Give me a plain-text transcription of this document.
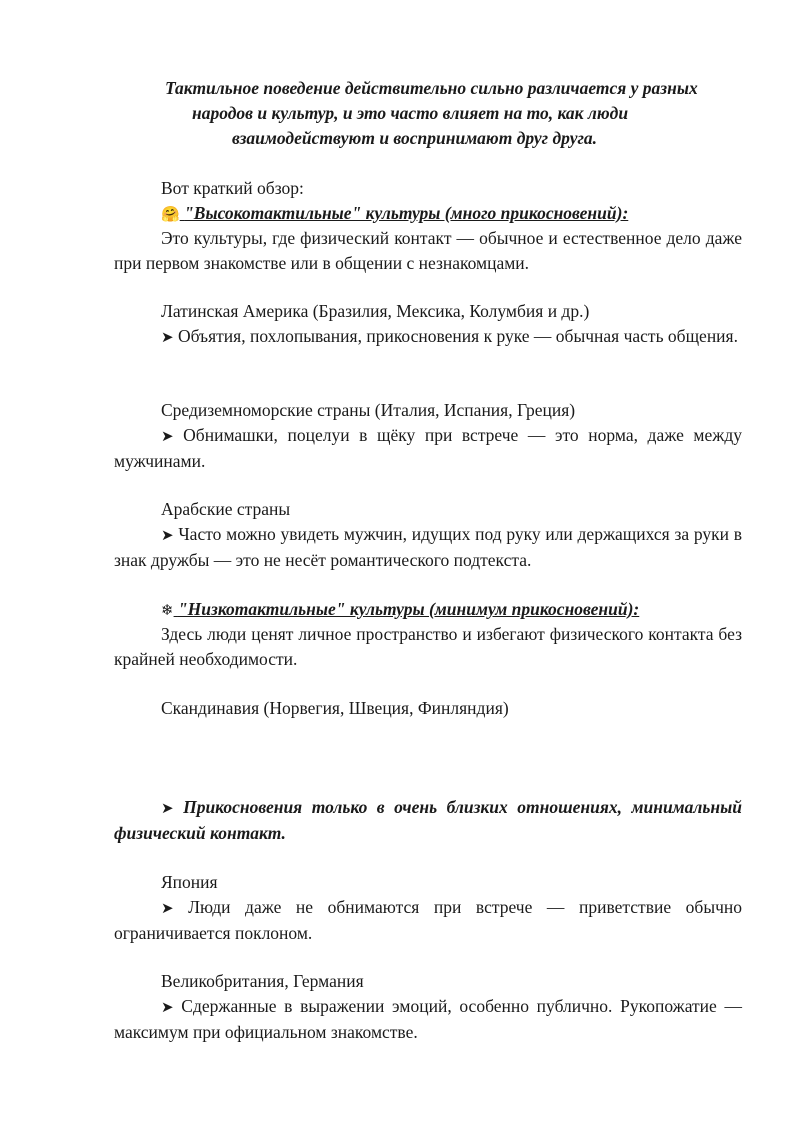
Тактильное поведение действительно сильно различается у разных
народов и культур, и это часто влияет на то, как люди
взаимодействуют и воспринимают друг друга.
Вот краткий обзор:
🤗 "Высокотактильные" культуры (много прикосновений):
Это культуры, где физический контакт — обычное и естественное дело даже при первом знакомстве или в общении с незнакомцами.
Латинская Америка (Бразилия, Мексика, Колумбия и др.)
➤ Объятия, похлопывания, прикосновения к руке — обычная часть общения.
Средиземноморские страны (Италия, Испания, Греция)
➤ Обнимашки, поцелуи в щёку при встрече — это норма, даже между мужчинами.
Арабские страны
➤ Часто можно увидеть мужчин, идущих под руку или держащихся за руки в знак дружбы — это не несёт романтического подтекста.
❄ "Низкотактильные" культуры (минимум прикосновений):
Здесь люди ценят личное пространство и избегают физического контакта без крайней необходимости.
Скандинавия (Норвегия, Швеция, Финляндия)
➤ Прикосновения только в очень близких отношениях, минимальный физический контакт.
Япония
➤ Люди даже не обнимаются при встрече — приветствие обычно ограничивается поклоном.
Великобритания, Германия
➤ Сдержанные в выражении эмоций, особенно публично. Рукопожатие — максимум при официальном знакомстве.
